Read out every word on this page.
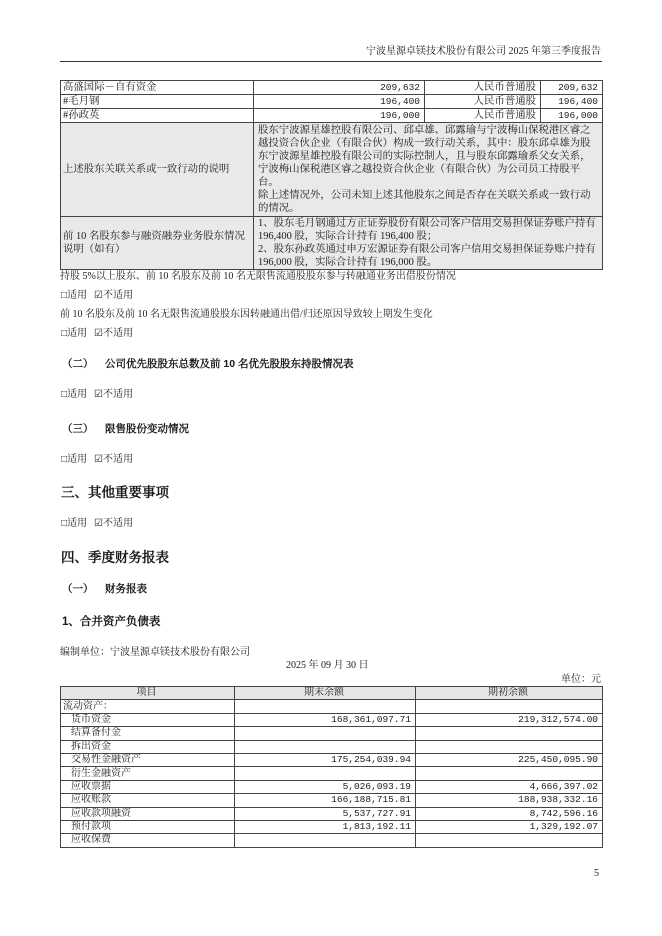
宁波星源卓镁技术股份有限公司 2025 年第三季度报告
高盛国际－自有资金	209,632	人民币普通股	209,632
#毛月钢	196,400	人民币普通股	196,400
#孙政英	196,000	人民币普通股	196,000
上述股东关联关系或一致行动的说明	股东宁波源星雄控股有限公司、邱卓雄、邱露瑜与宁波梅山保税港区睿之越投资合伙企业（有限合伙）构成一致行动关系，其中：股东邱卓雄为股东宁波源星雄控股有限公司的实际控制人，且与股东邱露瑜系父女关系，宁波梅山保税港区睿之越投资合伙企业（有限合伙）为公司员工持股平台。
除上述情况外，公司未知上述其他股东之间是否存在关联关系或一致行动的情况。		

前 10 名股东参与融资融券业务股东情况说明（如有）	1、股东毛月钢通过方正证券股份有限公司客户信用交易担保证券账户持有 196,400 股，实际合计持有 196,400 股；
2、股东孙政英通过申万宏源证券有限公司客户信用交易担保证券账户持有 196,000 股，实际合计持有 196,000 股。		
持股 5%以上股东、前 10 名股东及前 10 名无限售流通股股东参与转融通业务出借股份情况
□适用 ☑不适用
前 10 名股东及前 10 名无限售流通股股东因转融通出借/归还原因导致较上期发生变化
□适用 ☑不适用
（二） 公司优先股股东总数及前 10 名优先股股东持股情况表
□适用 ☑不适用
（三） 限售股份变动情况
□适用 ☑不适用
三、其他重要事项
□适用 ☑不适用
四、季度财务报表
（一） 财务报表
1、合并资产负债表
编制单位：宁波星源卓镁技术股份有限公司
2025 年 09 月 30 日
单位：元
项目	期末余额	期初余额
流动资产：		
货币资金	168,361,097.71	219,312,574.00
结算备付金		
拆出资金		
交易性金融资产	175,254,039.94	225,450,095.90
衍生金融资产		
应收票据	5,026,093.19	4,666,397.02
应收账款	166,188,715.81	188,938,332.16
应收款项融资	5,537,727.91	8,742,596.16
预付款项	1,813,192.11	1,329,192.07
应收保费		
5
